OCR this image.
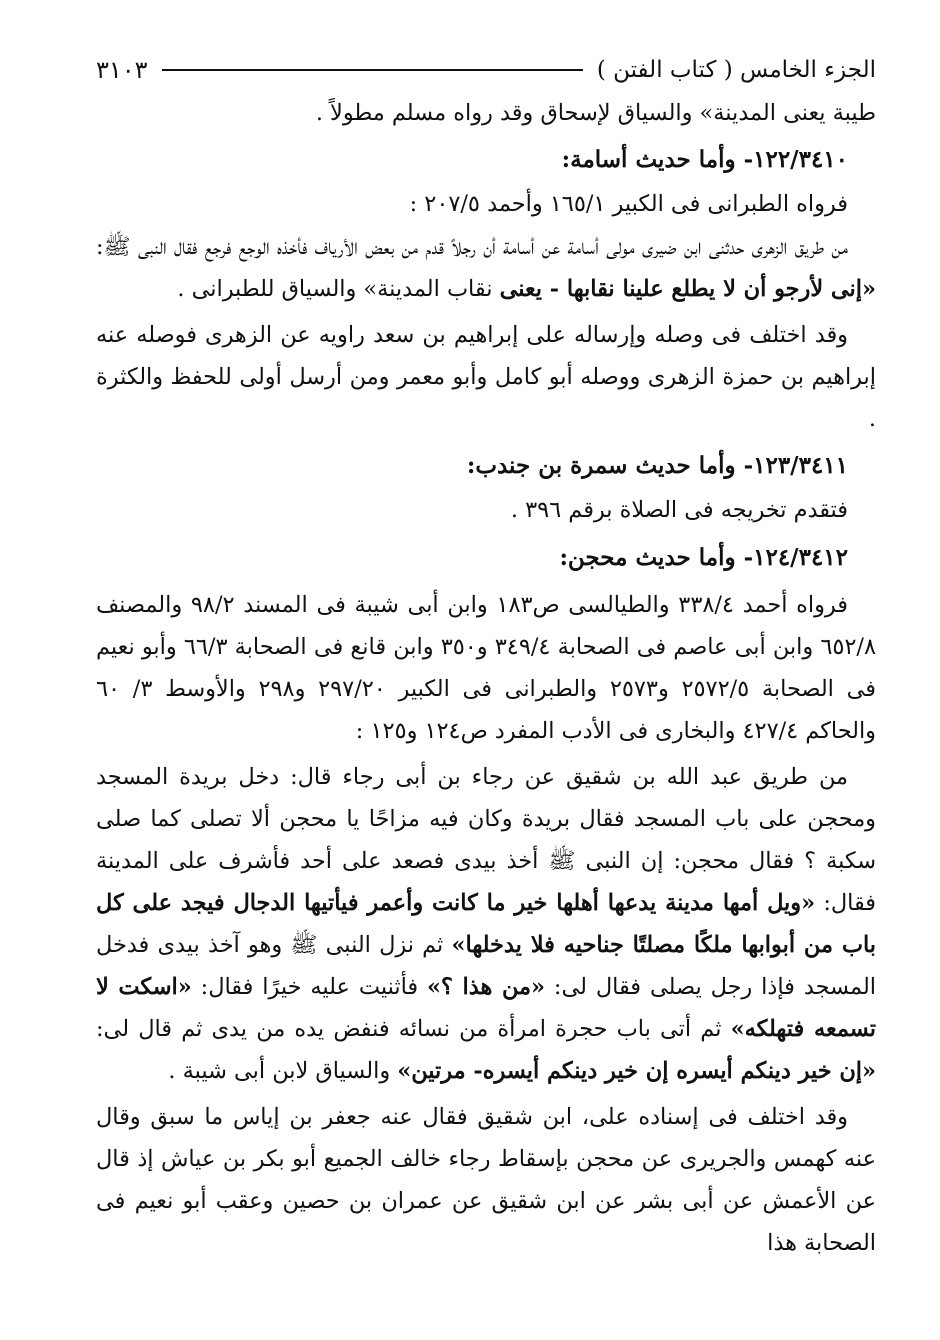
الجزء الخامس ( كتاب الفتن )
٣١٠٣

طيبة يعنى المدينة» والسياق لإسحاق وقد رواه مسلم مطولاً .

١٢٢/٣٤١٠- وأما حديث أسامة:

فرواه الطبرانى فى الكبير ١٦٥/١ وأحمد ٢٠٧/٥ :

من طريق الزهرى حدثنى ابن ضيرى مولى أسامة عن أسامة أن رجلاً قدم من بعض الأرياف فأخذه الوجع فرجع فقال النبى ﷺ: «إنى لأرجو أن لا يطلع علينا نقابها - يعنى نقاب المدينة» والسياق للطبرانى .

وقد اختلف فى وصله وإرساله على إبراهيم بن سعد راويه عن الزهرى فوصله عنه إبراهيم بن حمزة الزهرى ووصله أبو كامل وأبو معمر ومن أرسل أولى للحفظ والكثرة .

١٢٣/٣٤١١- وأما حديث سمرة بن جندب:

فتقدم تخريجه فى الصلاة برقم ٣٩٦ .

١٢٤/٣٤١٢- وأما حديث محجن:

فرواه أحمد ٣٣٨/٤ والطيالسى ص١٨٣ وابن أبى شيبة فى المسند ٩٨/٢ والمصنف ٦٥٢/٨ وابن أبى عاصم فى الصحابة ٣٤٩/٤ و٣٥٠ وابن قانع فى الصحابة ٦٦/٣ وأبو نعيم فى الصحابة ٢٥٧٢/٥ و٢٥٧٣ والطبرانى فى الكبير ٢٩٧/٢٠ و٢٩٨ والأوسط ٣/ ٦٠ والحاكم ٤٢٧/٤ والبخارى فى الأدب المفرد ص١٢٤ و١٢٥ :

من طريق عبد الله بن شقيق عن رجاء بن أبى رجاء قال: دخل بريدة المسجد ومحجن على باب المسجد فقال بريدة وكان فيه مزاحًا يا محجن ألا تصلى كما صلى سكبة ؟ فقال محجن: إن النبى ﷺ أخذ بيدى فصعد على أحد فأشرف على المدينة فقال: «ويل أمها مدينة يدعها أهلها خير ما كانت وأعمر فيأتيها الدجال فيجد على كل باب من أبوابها ملكًا مصلتًا جناحيه فلا يدخلها» ثم نزل النبى ﷺ وهو آخذ بيدى فدخل المسجد فإذا رجل يصلى فقال لى: «من هذا ؟» فأثنيت عليه خيرًا فقال: «اسكت لا تسمعه فتهلكه» ثم أتى باب حجرة امرأة من نسائه فنفض يده من يدى ثم قال لى: «إن خير دينكم أيسره إن خير دينكم أيسره- مرتين» والسياق لابن أبى شيبة .

وقد اختلف فى إسناده على، ابن شقيق فقال عنه جعفر بن إياس ما سبق وقال عنه كهمس والجريرى عن محجن بإسقاط رجاء خالف الجميع أبو بكر بن عياش إذ قال عن الأعمش عن أبى بشر عن ابن شقيق عن عمران بن حصين وعقب أبو نعيم فى الصحابة هذا
